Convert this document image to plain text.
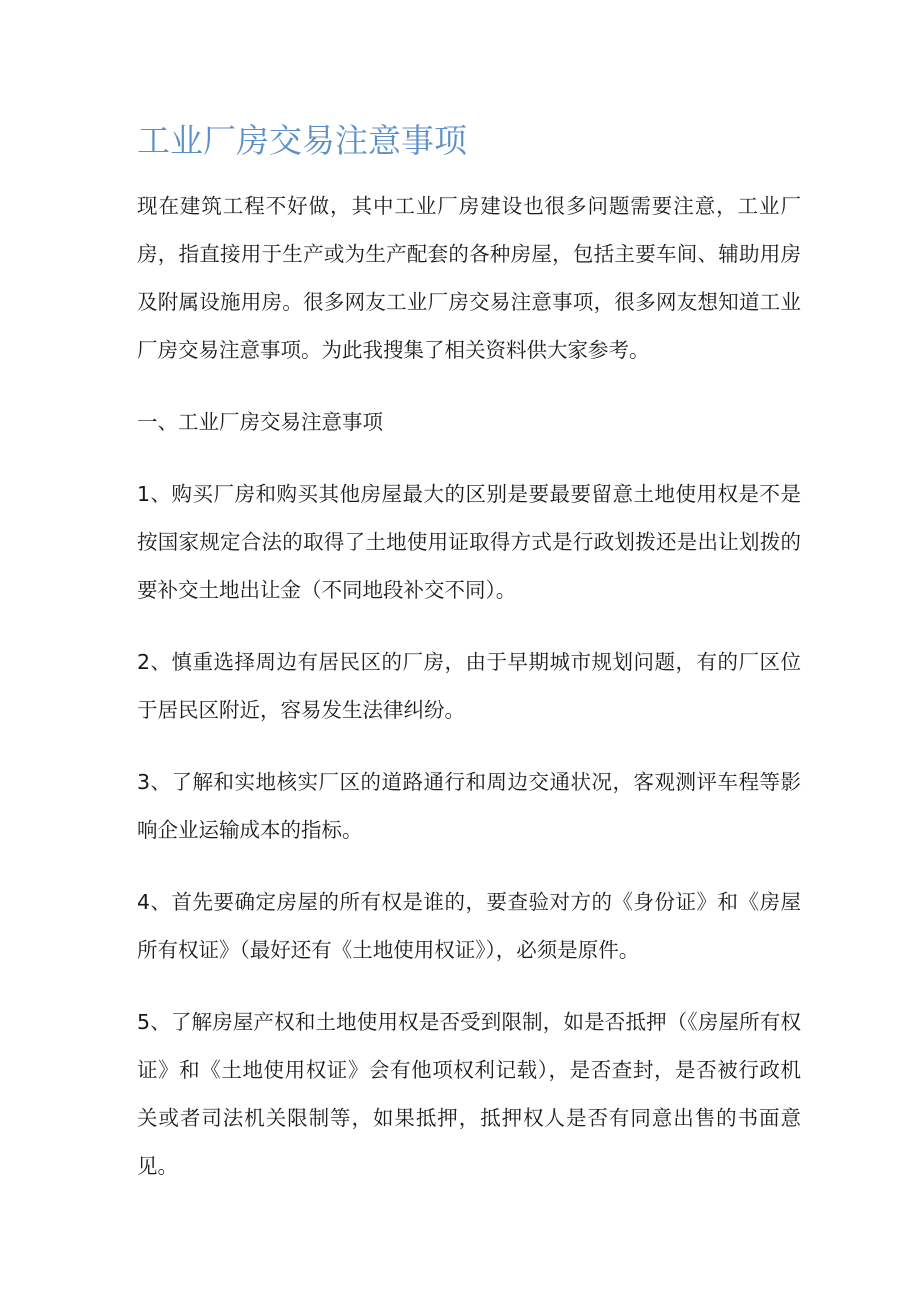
工业厂房交易注意事项

现在建筑工程不好做，其中工业厂房建设也很多问题需要注意，工业厂房，指直接用于生产或为生产配套的各种房屋，包括主要车间、辅助用房及附属设施用房。很多网友工业厂房交易注意事项，很多网友想知道工业厂房交易注意事项。为此我搜集了相关资料供大家参考。

一、工业厂房交易注意事项

1、购买厂房和购买其他房屋最大的区别是要最要留意土地使用权是不是按国家规定合法的取得了土地使用证取得方式是行政划拨还是出让划拨的要补交土地出让金（不同地段补交不同）。

2、慎重选择周边有居民区的厂房，由于早期城市规划问题，有的厂区位于居民区附近，容易发生法律纠纷。

3、了解和实地核实厂区的道路通行和周边交通状况，客观测评车程等影响企业运输成本的指标。

4、首先要确定房屋的所有权是谁的，要查验对方的《身份证》和《房屋所有权证》（最好还有《土地使用权证》），必须是原件。

5、了解房屋产权和土地使用权是否受到限制，如是否抵押（《房屋所有权证》和《土地使用权证》会有他项权利记载），是否查封，是否被行政机关或者司法机关限制等，如果抵押，抵押权人是否有同意出售的书面意见。
